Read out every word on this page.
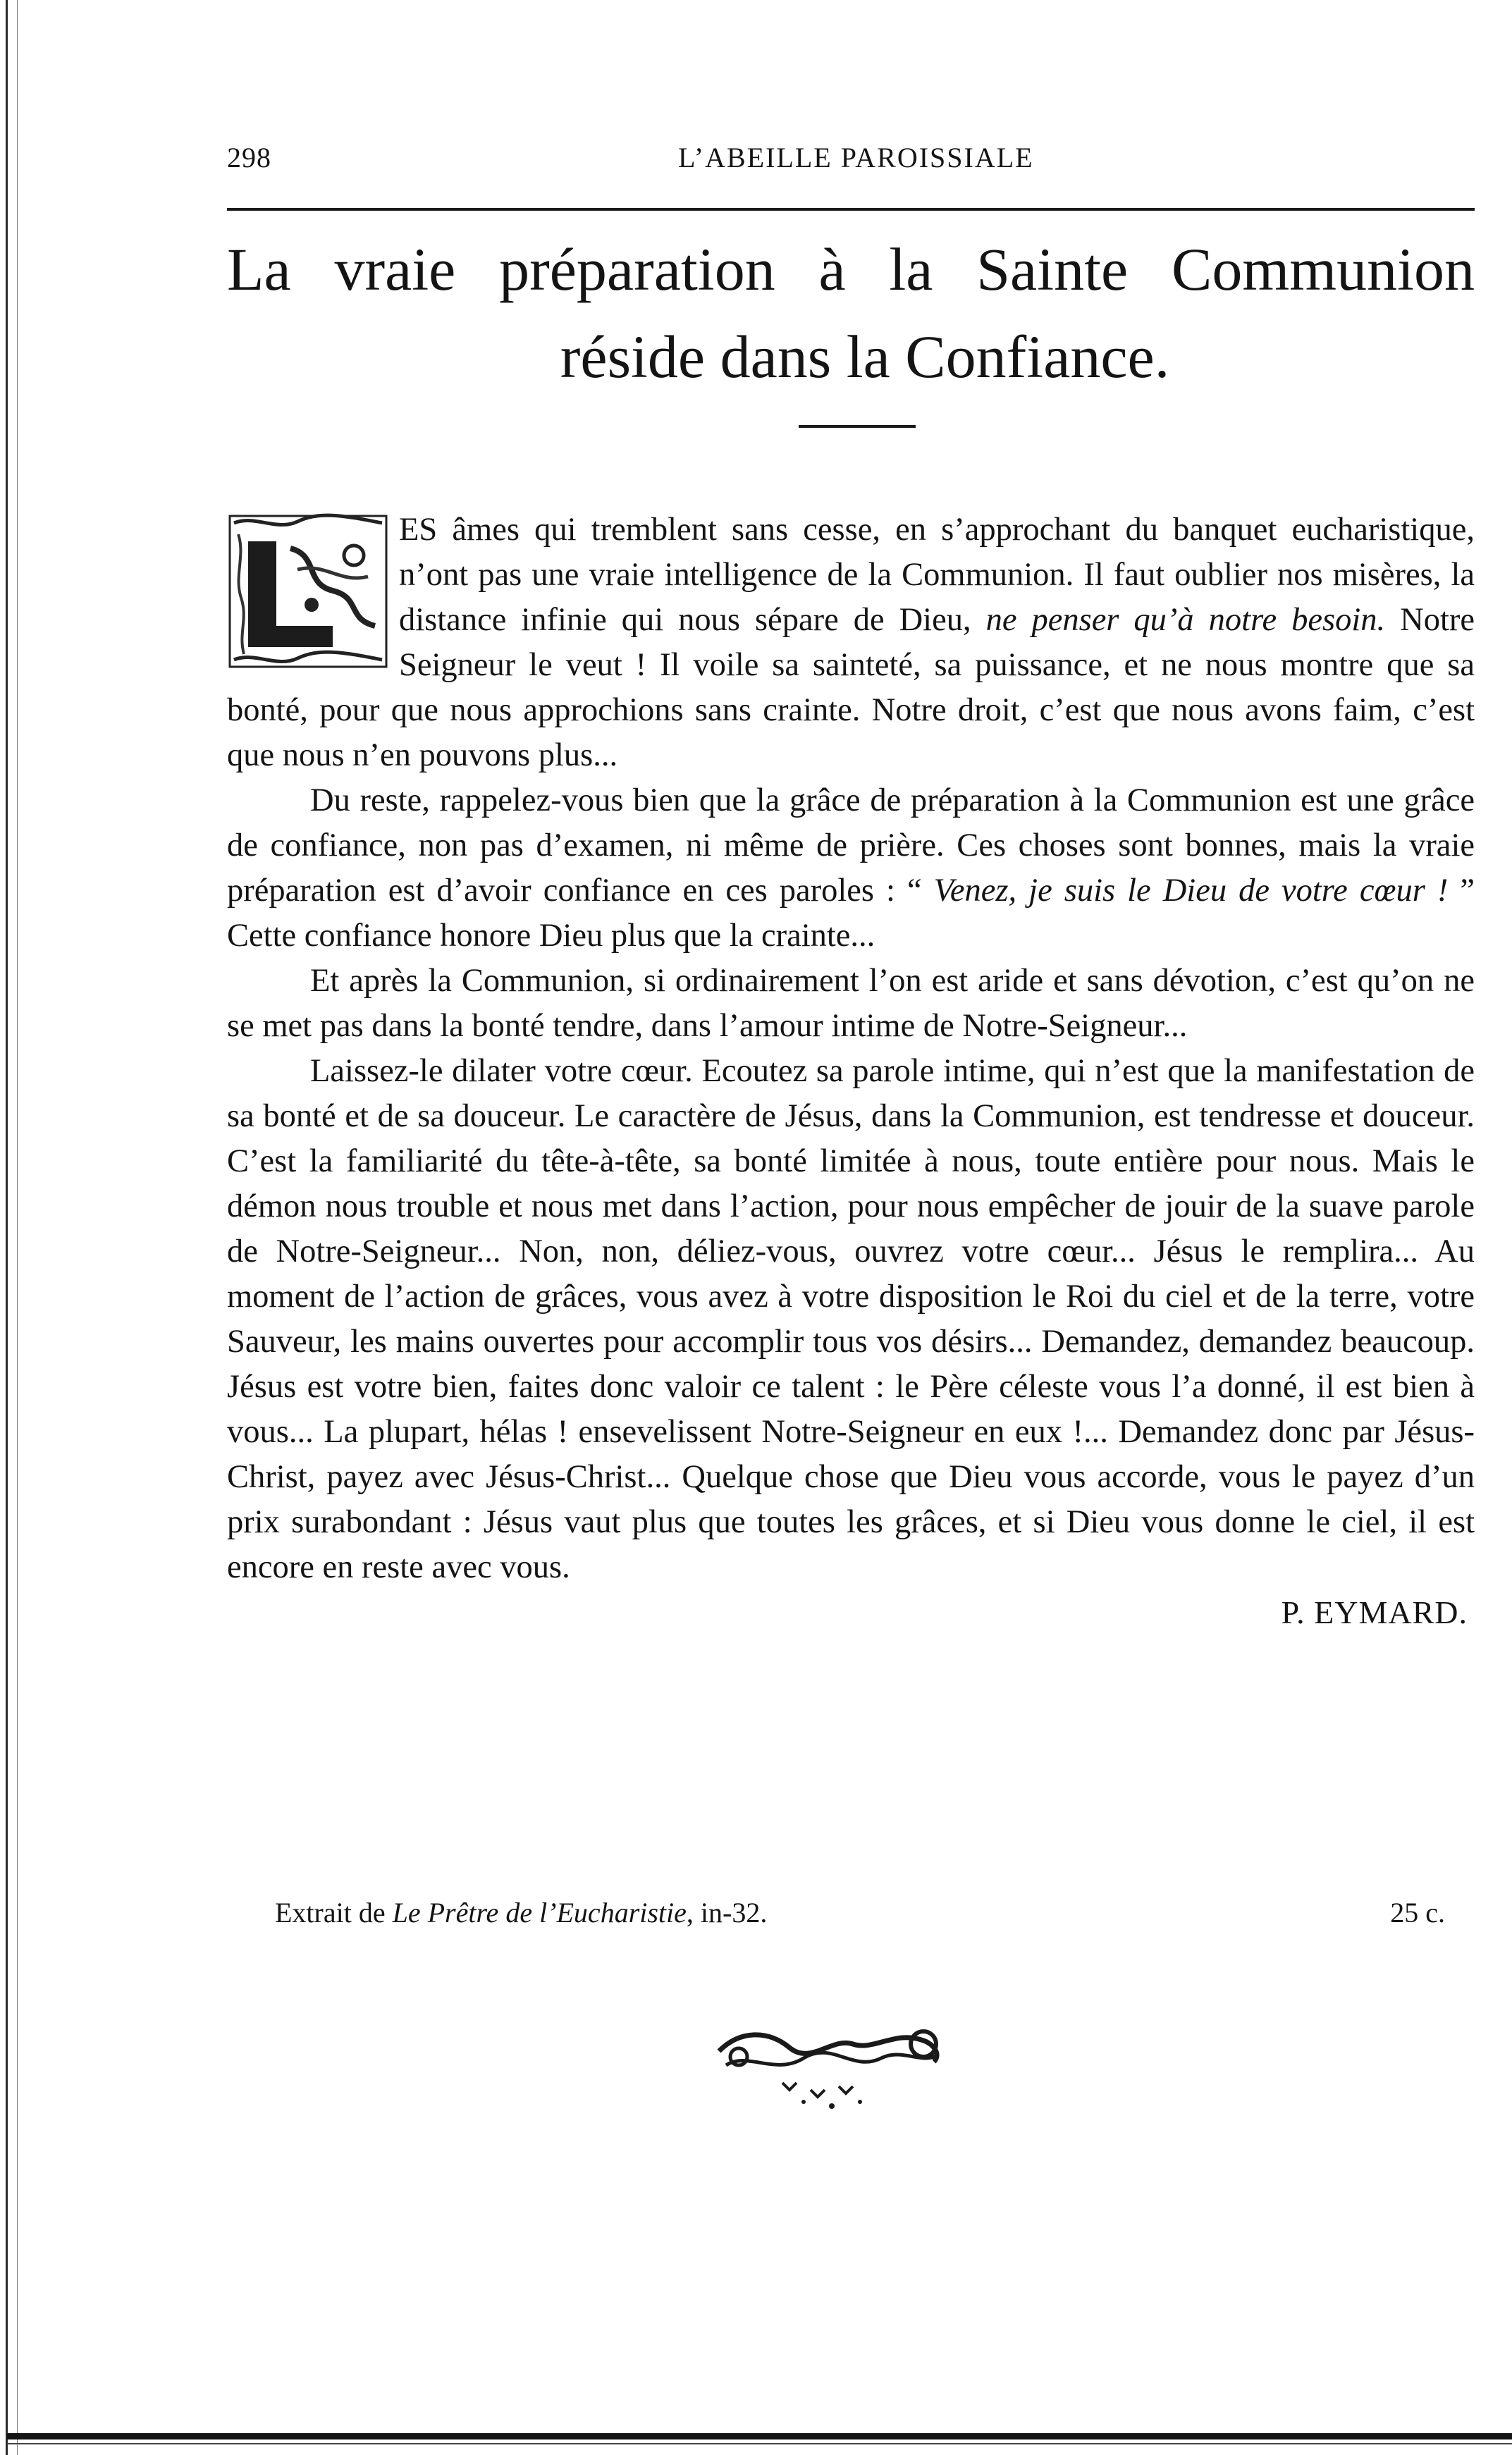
298	L’ABEILLE PAROISSIALE
La vraie préparation à la Sainte Communion
réside dans la Confiance.

ES âmes qui tremblent sans cesse, en s’approchant du banquet eucharistique, n’ont pas une vraie intelligence de la Communion. Il faut oublier nos misères, la distance infinie qui nous sépare de Dieu, ne penser qu’à notre besoin. Notre Seigneur le veut ! Il voile sa sainteté, sa puissance, et ne nous montre que sa bonté, pour que nous approchions sans crainte. Notre droit, c’est que nous avons faim, c’est que nous n’en pouvons plus...

Du reste, rappelez-vous bien que la grâce de préparation à la Communion est une grâce de confiance, non pas d’examen, ni même de prière. Ces choses sont bonnes, mais la vraie préparation est d’avoir confiance en ces paroles : “ Venez, je suis le Dieu de votre cœur ! ” Cette confiance honore Dieu plus que la crainte...

Et après la Communion, si ordinairement l’on est aride et sans dévotion, c’est qu’on ne se met pas dans la bonté tendre, dans l’amour intime de Notre-Seigneur...

Laissez-le dilater votre cœur. Ecoutez sa parole intime, qui n’est que la manifestation de sa bonté et de sa douceur. Le caractère de Jésus, dans la Communion, est tendresse et douceur. C’est la familiarité du tête-à-tête, sa bonté limitée à nous, toute entière pour nous. Mais le démon nous trouble et nous met dans l’action, pour nous empêcher de jouir de la suave parole de Notre-Seigneur... Non, non, déliez-vous, ouvrez votre cœur... Jésus le remplira... Au moment de l’action de grâces, vous avez à votre disposition le Roi du ciel et de la terre, votre Sauveur, les mains ouvertes pour accomplir tous vos désirs... Demandez, demandez beaucoup. Jésus est votre bien, faites donc valoir ce talent : le Père céleste vous l’a donné, il est bien à vous... La plupart, hélas ! ensevelissent Notre-Seigneur en eux !... Demandez donc par Jésus-Christ, payez avec Jésus-Christ... Quelque chose que Dieu vous accorde, vous le payez d’un prix surabondant : Jésus vaut plus que toutes les grâces, et si Dieu vous donne le ciel, il est encore en reste avec vous.

P. EYMARD.
Extrait de Le Prêtre de l’Eucharistie, in-32.	25 c.
